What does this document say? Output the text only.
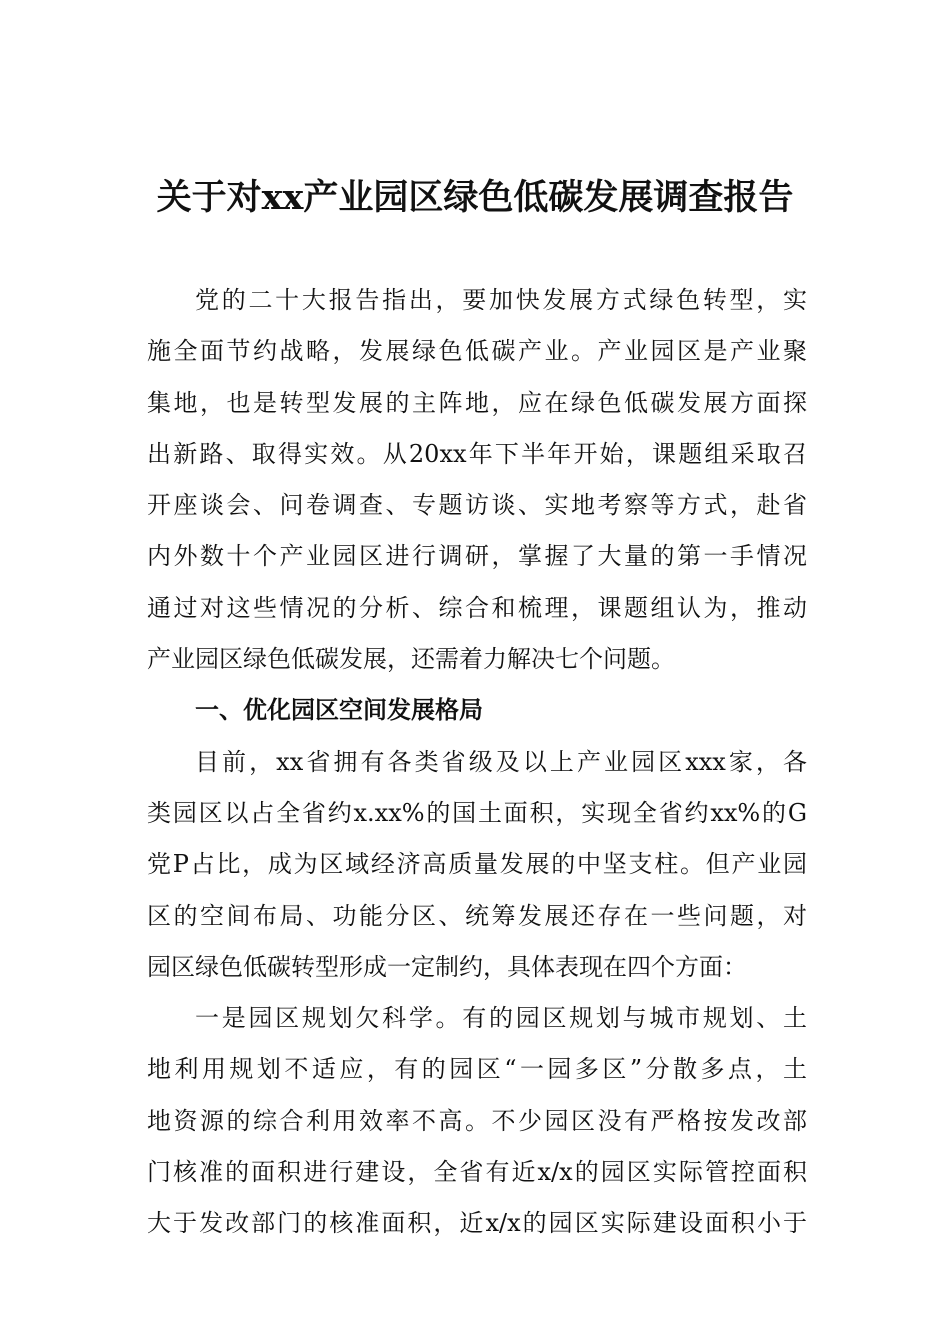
关于对xx产业园区绿色低碳发展调查报告
党的二十大报告指出，要加快发展方式绿色转型，实
施全面节约战略，发展绿色低碳产业。产业园区是产业聚
集地，也是转型发展的主阵地，应在绿色低碳发展方面探
出新路、取得实效。从20xx年下半年开始，课题组采取召
开座谈会、问卷调查、专题访谈、实地考察等方式，赴省
内外数十个产业园区进行调研，掌握了大量的第一手情况
通过对这些情况的分析、综合和梳理，课题组认为，推动
产业园区绿色低碳发展，还需着力解决七个问题。
一、优化园区空间发展格局
目前，xx省拥有各类省级及以上产业园区xxx家，各
类园区以占全省约x.xx%的国土面积，实现全省约xx%的G
党P占比，成为区域经济高质量发展的中坚支柱。但产业园
区的空间布局、功能分区、统筹发展还存在一些问题，对
园区绿色低碳转型形成一定制约，具体表现在四个方面：
一是园区规划欠科学。有的园区规划与城市规划、土
地利用规划不适应，有的园区“一园多区”分散多点，土
地资源的综合利用效率不高。不少园区没有严格按发改部
门核准的面积进行建设，全省有近x/x的园区实际管控面积
大于发改部门的核准面积，近x/x的园区实际建设面积小于
